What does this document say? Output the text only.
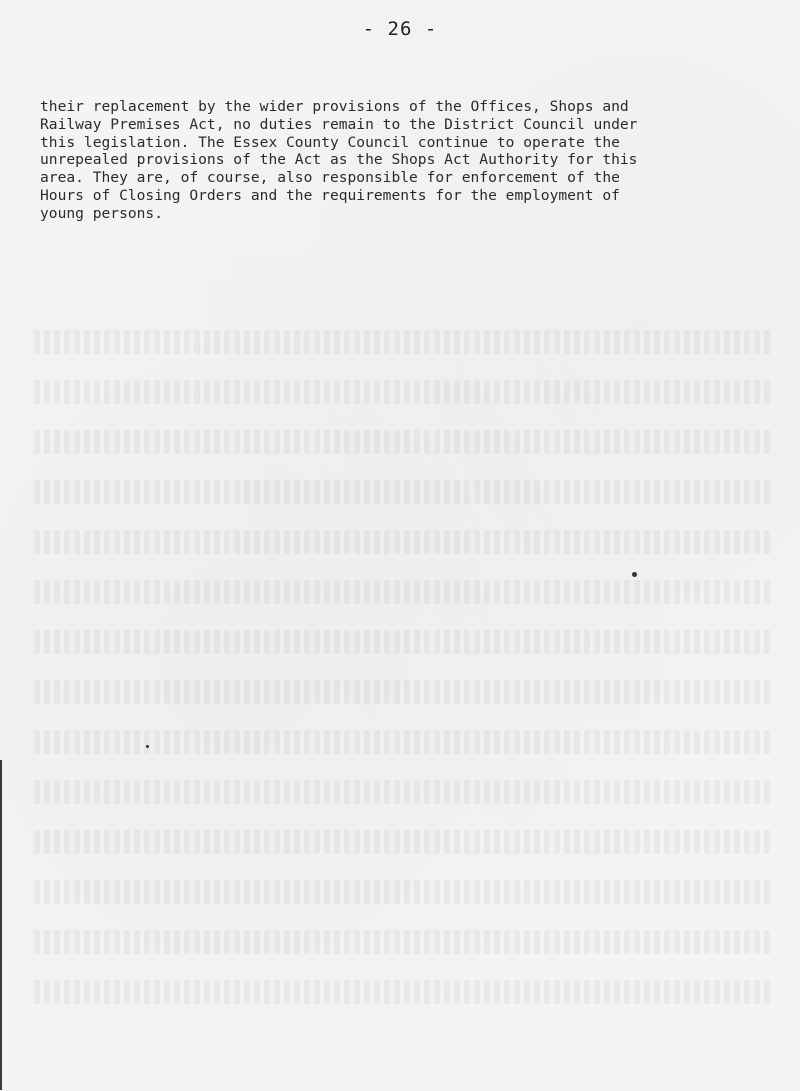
- 26 -

their replacement by the wider provisions of the Offices, Shops and
Railway Premises Act, no duties remain to the District Council under
this legislation. The Essex County Council continue to operate the
unrepealed provisions of the Act as the Shops Act Authority for this
area. They are, of course, also responsible for enforcement of the
Hours of Closing Orders and the requirements for the employment of
young persons.
